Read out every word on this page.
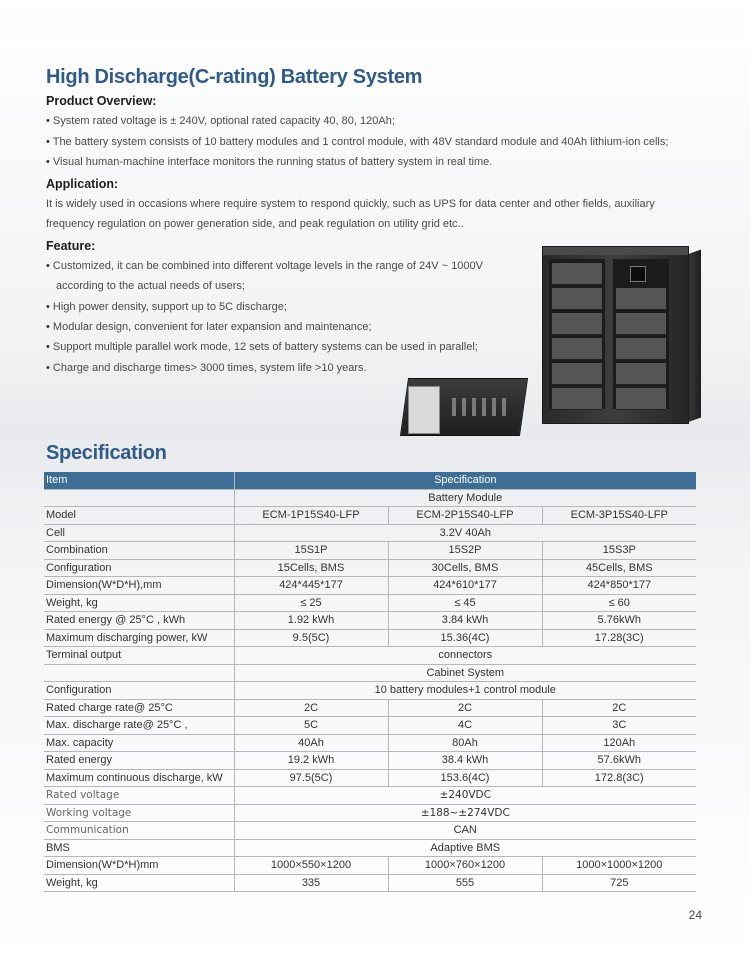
High Discharge(C-rating) Battery System

Product Overview:

• System rated voltage is ± 240V, optional rated capacity 40, 80, 120Ah;

• The battery system consists of 10 battery modules and 1 control module, with 48V standard module and 40Ah lithium-ion cells;

• Visual human-machine interface monitors the running status of battery system in real time.

Application:

It is widely used in occasions where require system to respond quickly, such as UPS for data center and other fields, auxiliary

frequency regulation on power generation side, and peak regulation on utility grid etc..

Feature:

• Customized, it can be combined into different voltage levels in the range of 24V ~ 1000V

according to the actual needs of users;

• High power density, support up to 5C discharge;

• Modular design, convenient for later expansion and maintenance;

• Support multiple parallel work mode, 12 sets of battery systems can be used in parallel;

• Charge and discharge times> 3000 times, system life >10 years.

Specification
Item	Specification		
	Battery Module		
Model	ECM-1P15S40-LFP	ECM-2P15S40-LFP	ECM-3P15S40-LFP
Cell	3.2V 40Ah		
Combination	15S1P	15S2P	15S3P
Configuration	15Cells, BMS	30Cells, BMS	45Cells, BMS
Dimension(W*D*H),mm	424*445*177	424*610*177	424*850*177
Weight, kg	≤ 25	≤ 45	≤ 60
Rated energy @ 25°C , kWh	1.92 kWh	3.84 kWh	5.76kWh
Maximum discharging power, kW	9.5(5C)	15.36(4C)	17.28(3C)
Terminal output	connectors		
	Cabinet System		
Configuration	10 battery modules+1 control module		
Rated charge rate@ 25°C	2C	2C	2C
Max. discharge rate@ 25°C ,	5C	4C	3C
Max. capacity	40Ah	80Ah	120Ah
Rated energy	19.2 kWh	38.4 kWh	57.6kWh
Maximum continuous discharge, kW	97.5(5C)	153.6(4C)	172.8(3C)
Rated voltage	±240VDC		
Working voltage	±188~±274VDC		
Communication	CAN		
BMS	Adaptive BMS		
Dimension(W*D*H)mm	1000×550×1200	1000×760×1200	1000×1000×1200
Weight, kg	335	555	725

24
